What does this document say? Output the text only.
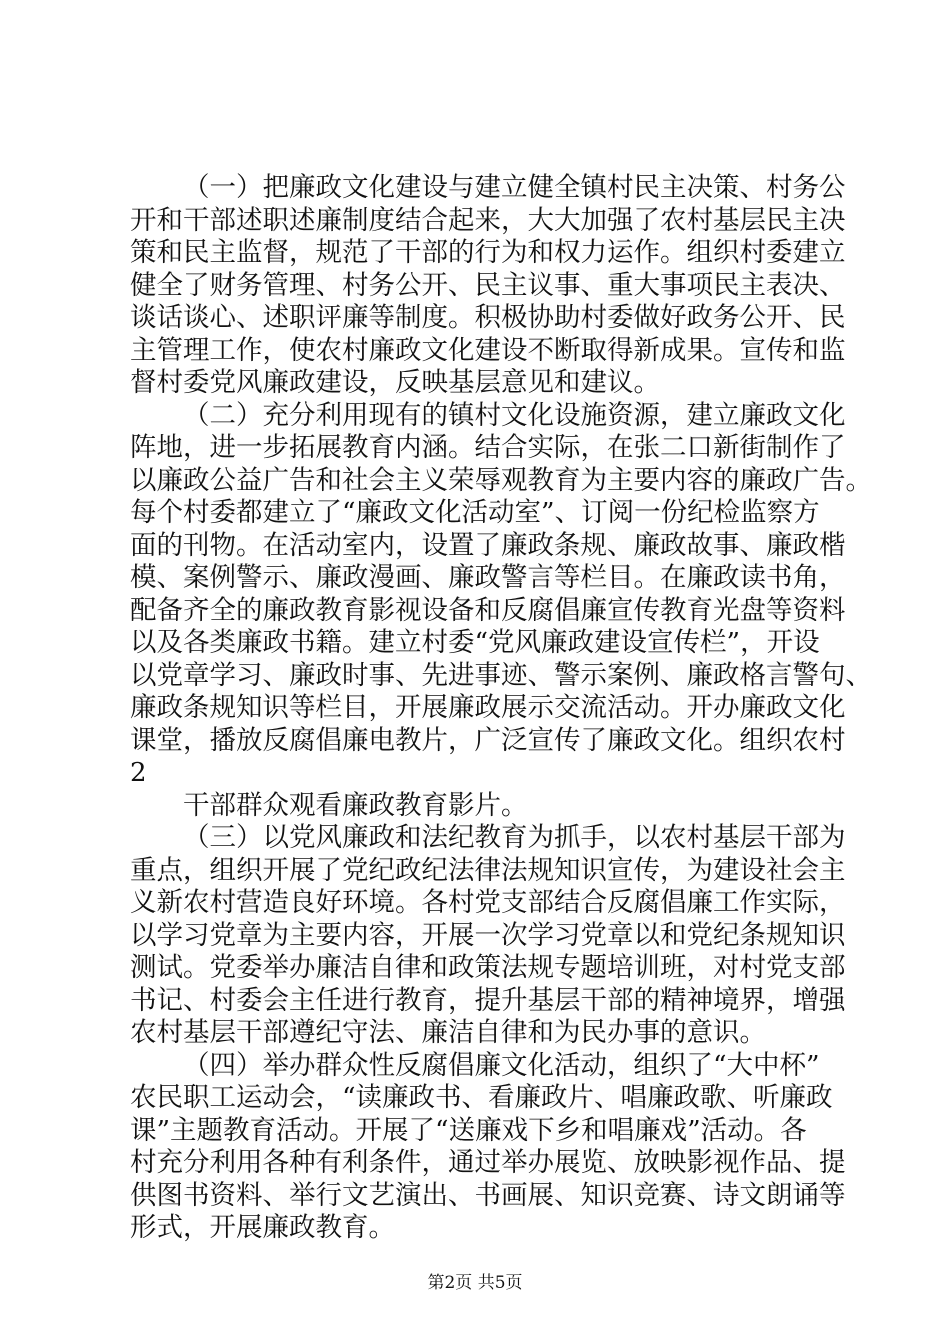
（一）把廉政文化建设与建立健全镇村民主决策、村务公
开和干部述职述廉制度结合起来，大大加强了农村基层民主决
策和民主监督，规范了干部的行为和权力运作。组织村委建立
健全了财务管理、村务公开、民主议事、重大事项民主表决、
谈话谈心、述职评廉等制度。积极协助村委做好政务公开、民
主管理工作，使农村廉政文化建设不断取得新成果。宣传和监
督村委党风廉政建设，反映基层意见和建议。
（二）充分利用现有的镇村文化设施资源，建立廉政文化
阵地，进一步拓展教育内涵。结合实际，在张二口新街制作了
以廉政公益广告和社会主义荣辱观教育为主要内容的廉政广告。
每个村委都建立了“廉政文化活动室”、订阅一份纪检监察方
面的刊物。在活动室内，设置了廉政条规、廉政故事、廉政楷
模、案例警示、廉政漫画、廉政警言等栏目。在廉政读书角，
配备齐全的廉政教育影视设备和反腐倡廉宣传教育光盘等资料
以及各类廉政书籍。建立村委“党风廉政建设宣传栏”，开设
以党章学习、廉政时事、先进事迹、警示案例、廉政格言警句、
廉政条规知识等栏目，开展廉政展示交流活动。开办廉政文化
课堂，播放反腐倡廉电教片，广泛宣传了廉政文化。组织农村
2
干部群众观看廉政教育影片。
（三）以党风廉政和法纪教育为抓手，以农村基层干部为
重点，组织开展了党纪政纪法律法规知识宣传，为建设社会主
义新农村营造良好环境。各村党支部结合反腐倡廉工作实际，
以学习党章为主要内容，开展一次学习党章以和党纪条规知识
测试。党委举办廉洁自律和政策法规专题培训班，对村党支部
书记、村委会主任进行教育，提升基层干部的精神境界，增强
农村基层干部遵纪守法、廉洁自律和为民办事的意识。
（四）举办群众性反腐倡廉文化活动，组织了“大中杯”
农民职工运动会，“读廉政书、看廉政片、唱廉政歌、听廉政
课”主题教育活动。开展了“送廉戏下乡和唱廉戏”活动。各
村充分利用各种有利条件，通过举办展览、放映影视作品、提
供图书资料、举行文艺演出、书画展、知识竞赛、诗文朗诵等
形式，开展廉政教育。
第2页 共5页
